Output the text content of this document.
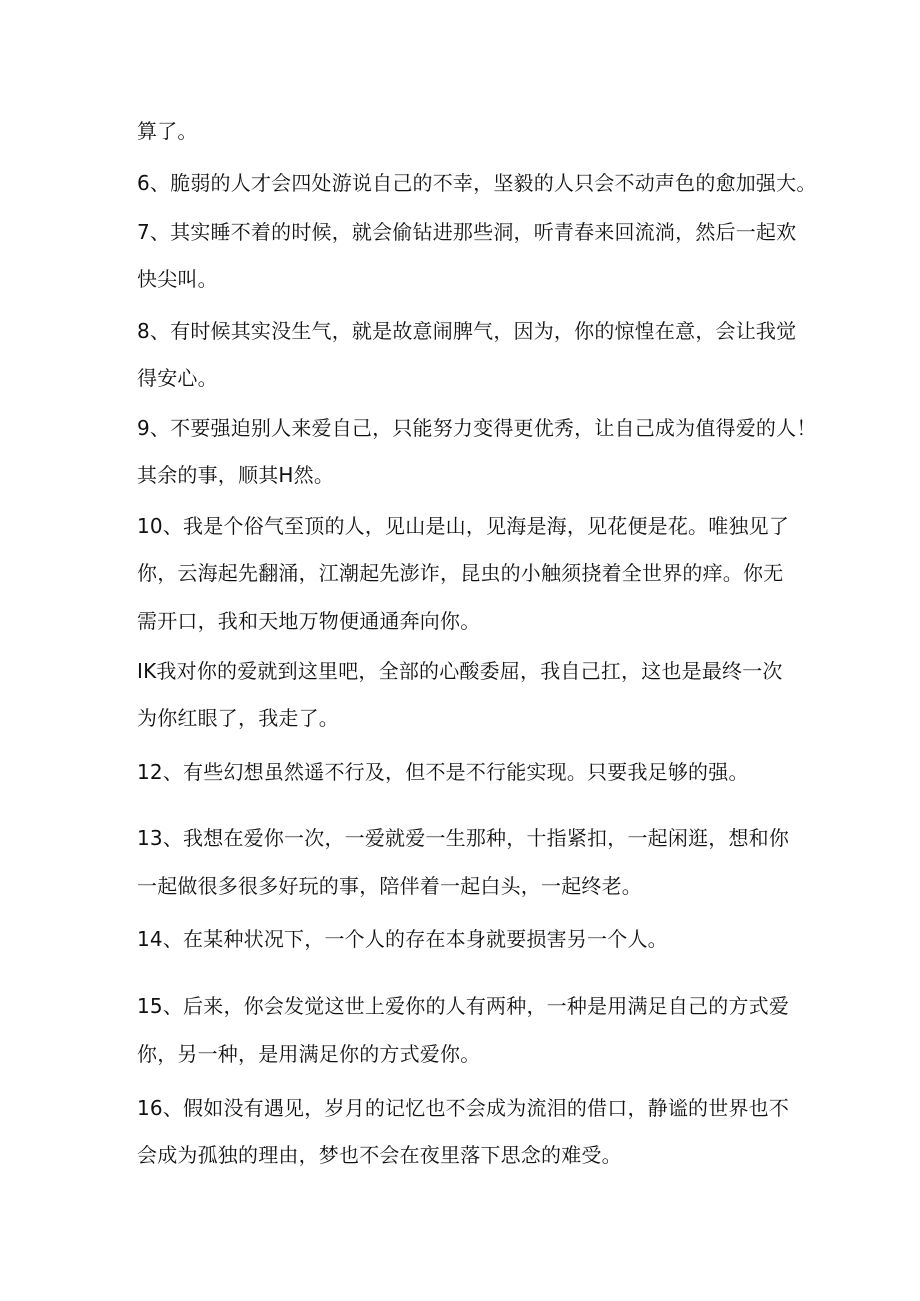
算了。
6、脆弱的人才会四处游说自己的不幸，坚毅的人只会不动声色的愈加强大。
7、其实睡不着的时候，就会偷钻进那些洞，听青春来回流淌，然后一起欢
快尖叫。
8、有时候其实没生气，就是故意闹脾气，因为，你的惊惶在意，会让我觉
得安心。
9、不要强迫别人来爱自己，只能努力变得更优秀，让自己成为值得爱的人！
其余的事，顺其H然。
10、我是个俗气至顶的人，见山是山，见海是海，见花便是花。唯独见了
你，云海起先翻涌，江潮起先澎诈，昆虫的小触须挠着全世界的痒。你无
需开口，我和天地万物便通通奔向你。
IK我对你的爱就到这里吧，全部的心酸委屈，我自己扛，这也是最终一次
为你红眼了，我走了。
12、有些幻想虽然遥不行及，但不是不行能实现。只要我足够的强。
13、我想在爱你一次，一爱就爱一生那种，十指紧扣，一起闲逛，想和你
一起做很多很多好玩的事，陪伴着一起白头，一起终老。
14、在某种状况下，一个人的存在本身就要损害另一个人。
15、后来，你会发觉这世上爱你的人有两种，一种是用满足自己的方式爱
你，另一种，是用满足你的方式爱你。
16、假如没有遇见，岁月的记忆也不会成为流泪的借口，静谧的世界也不
会成为孤独的理由，梦也不会在夜里落下思念的难受。
